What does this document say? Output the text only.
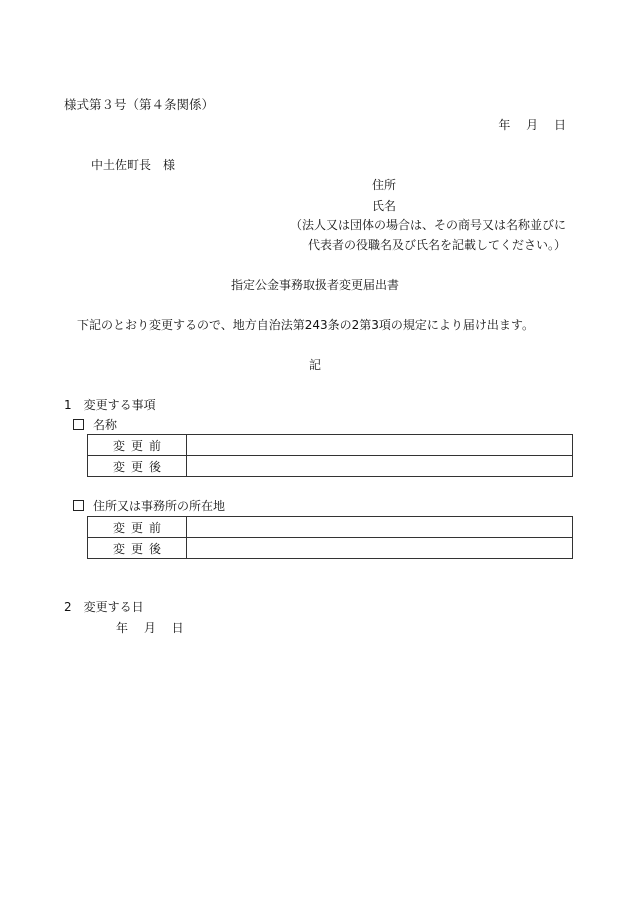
様式第３号（第４条関係）
年　 月　 日
中土佐町長　様
住所
氏名
（法人又は団体の場合は、その商号又は名称並びに
代表者の役職名及び氏名を記載してください。）
指定公金事務取扱者変更届出書
下記のとおり変更するので、地方自治法第243条の2第3項の規定により届け出ます。
記
1　変更する事項
名称
変更前	
変更後	
住所又は事務所の所在地
変更前	
変更後	
2　変更する日
年　 月　 日
